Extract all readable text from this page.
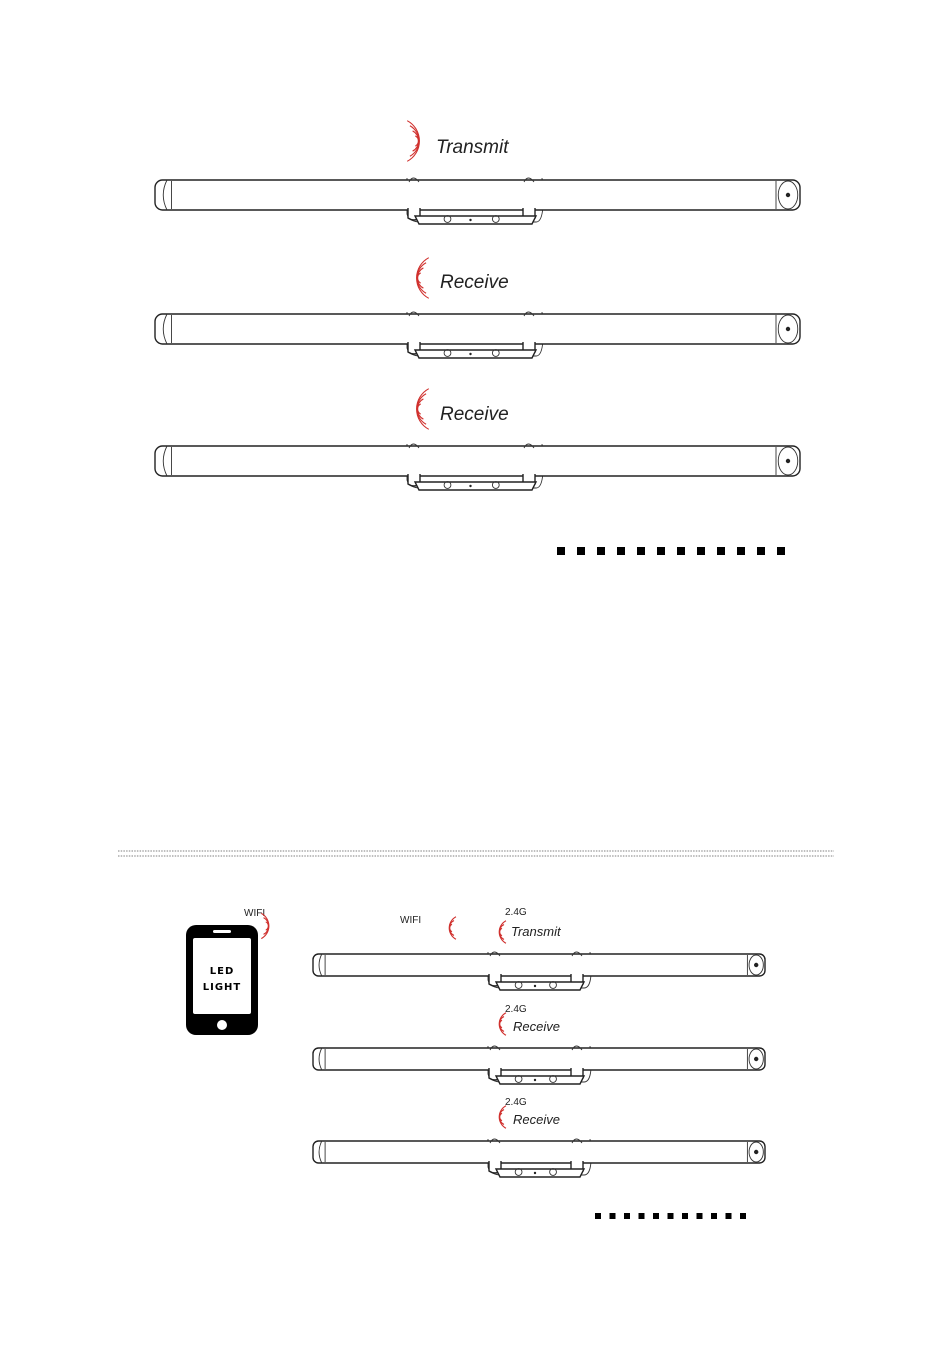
Transmit
Receive
Receive
LED
LIGHT
WIFI
WIFI
2.4G
Transmit
2.4G
Receive
2.4G
Receive
